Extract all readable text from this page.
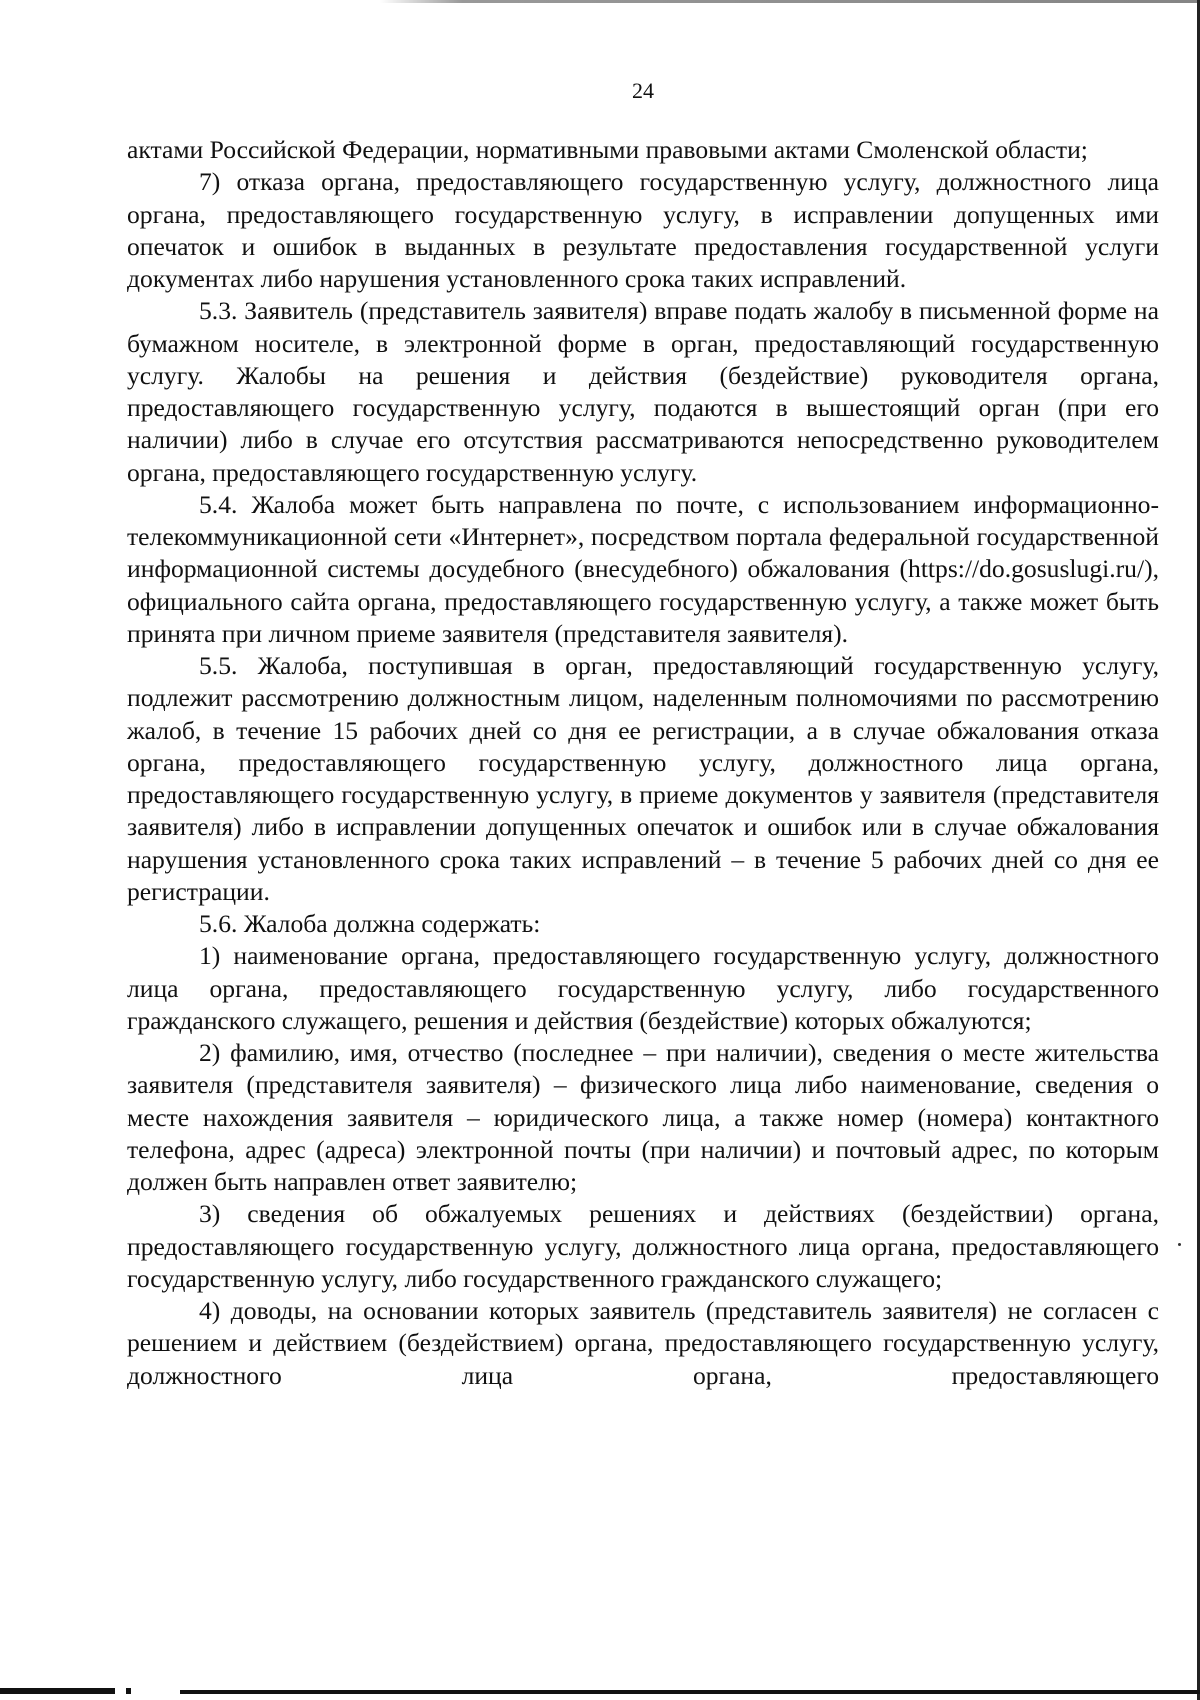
24

актами Российской Федерации, нормативными правовыми актами Смоленской области;

7) отказа органа, предоставляющего государственную услугу, должностного лица органа, предоставляющего государственную услугу, в исправлении допущенных ими опечаток и ошибок в выданных в результате предоставления государственной услуги документах либо нарушения установленного срока таких исправлений.

5.3. Заявитель (представитель заявителя) вправе подать жалобу в письменной форме на бумажном носителе, в электронной форме в орган, предоставляющий государственную услугу. Жалобы на решения и действия (бездействие) руководителя органа, предоставляющего государственную услугу, подаются в вышестоящий орган (при его наличии) либо в случае его отсутствия рассматриваются непосредственно руководителем органа, предоставляющего государственную услугу.

5.4. Жалоба может быть направлена по почте, с использованием информационно-телекоммуникационной сети «Интернет», посредством портала федеральной государственной информационной системы досудебного (внесудебного) обжалования (https://do.gosuslugi.ru/), официального сайта органа, предоставляющего государственную услугу, а также может быть принята при личном приеме заявителя (представителя заявителя).

5.5. Жалоба, поступившая в орган, предоставляющий государственную услугу, подлежит рассмотрению должностным лицом, наделенным полномочиями по рассмотрению жалоб, в течение 15 рабочих дней со дня ее регистрации, а в случае обжалования отказа органа, предоставляющего государственную услугу, должностного лица органа, предоставляющего государственную услугу, в приеме документов у заявителя (представителя заявителя) либо в исправлении допущенных опечаток и ошибок или в случае обжалования нарушения установленного срока таких исправлений – в течение 5 рабочих дней со дня ее регистрации.

5.6. Жалоба должна содержать:

1) наименование органа, предоставляющего государственную услугу, должностного лица органа, предоставляющего государственную услугу, либо государственного гражданского служащего, решения и действия (бездействие) которых обжалуются;

2) фамилию, имя, отчество (последнее – при наличии), сведения о месте жительства заявителя (представителя заявителя) – физического лица либо наименование, сведения о месте нахождения заявителя – юридического лица, а также номер (номера) контактного телефона, адрес (адреса) электронной почты (при наличии) и почтовый адрес, по которым должен быть направлен ответ заявителю;

3) сведения об обжалуемых решениях и действиях (бездействии) органа, предоставляющего государственную услугу, должностного лица органа, предоставляющего государственную услугу, либо государственного гражданского служащего;

4) доводы, на основании которых заявитель (представитель заявителя) не согласен с решением и действием (бездействием) органа, предоставляющего государственную услугу, должностного лица органа, предоставляющего
